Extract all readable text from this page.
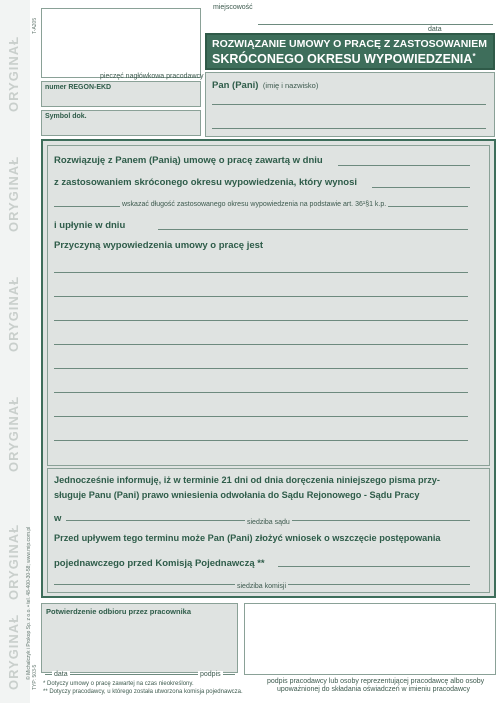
ORYGINAŁ
ORYGINAŁ
ORYGINAŁ
ORYGINAŁ
ORYGINAŁ
ORYGINAŁ
T-A205
© Michalczyk i Prokop Sp. z o.o. • tel. 48-400-30-58; www.mip.com.pl TYP: 503-5
pieczęć nagłówkowa pracodawcy
numer REGON-EKD
Symbol dok.
miejscowość
data
ROZWIĄZANIE UMOWY O PRACĘ Z ZASTOSOWANIEM
SKRÓCONEGO OKRESU WYPOWIEDZENIA*
Pan (Pani) (imię i nazwisko)
Rozwiązuję z Panem (Panią) umowę o pracę zawartą w dniu
z zastosowaniem skróconego okresu wypowiedzenia, który wynosi
wskazać długość zastosowanego okresu wypowiedzenia na podstawie art. 36¹§1 k.p.
i upłynie w dniu
Przyczyną wypowiedzenia umowy o pracę jest
Jednocześnie informuję, iż w terminie 21 dni od dnia doręczenia niniejszego pisma przy-
sługuje Panu (Pani) prawo wniesienia odwołania do Sądu Rejonowego - Sądu Pracy
w	siedziba sądu
Przed upływem tego terminu może Pan (Pani) złożyć wniosek o wszczęcie postępowania
pojednawczego przed Komisją Pojednawczą **
siedziba komisji
Potwierdzenie odbioru przez pracownika
data	podpis
podpis pracodawcy lub osoby reprezentującej pracodawcę albo osoby
upoważnionej do składania oświadczeń w imieniu pracodawcy
* Dotyczy umowy o pracę zawartej na czas nieokreślony.
** Dotyczy pracodawcy, u którego została utworzona komisja pojednawcza.
